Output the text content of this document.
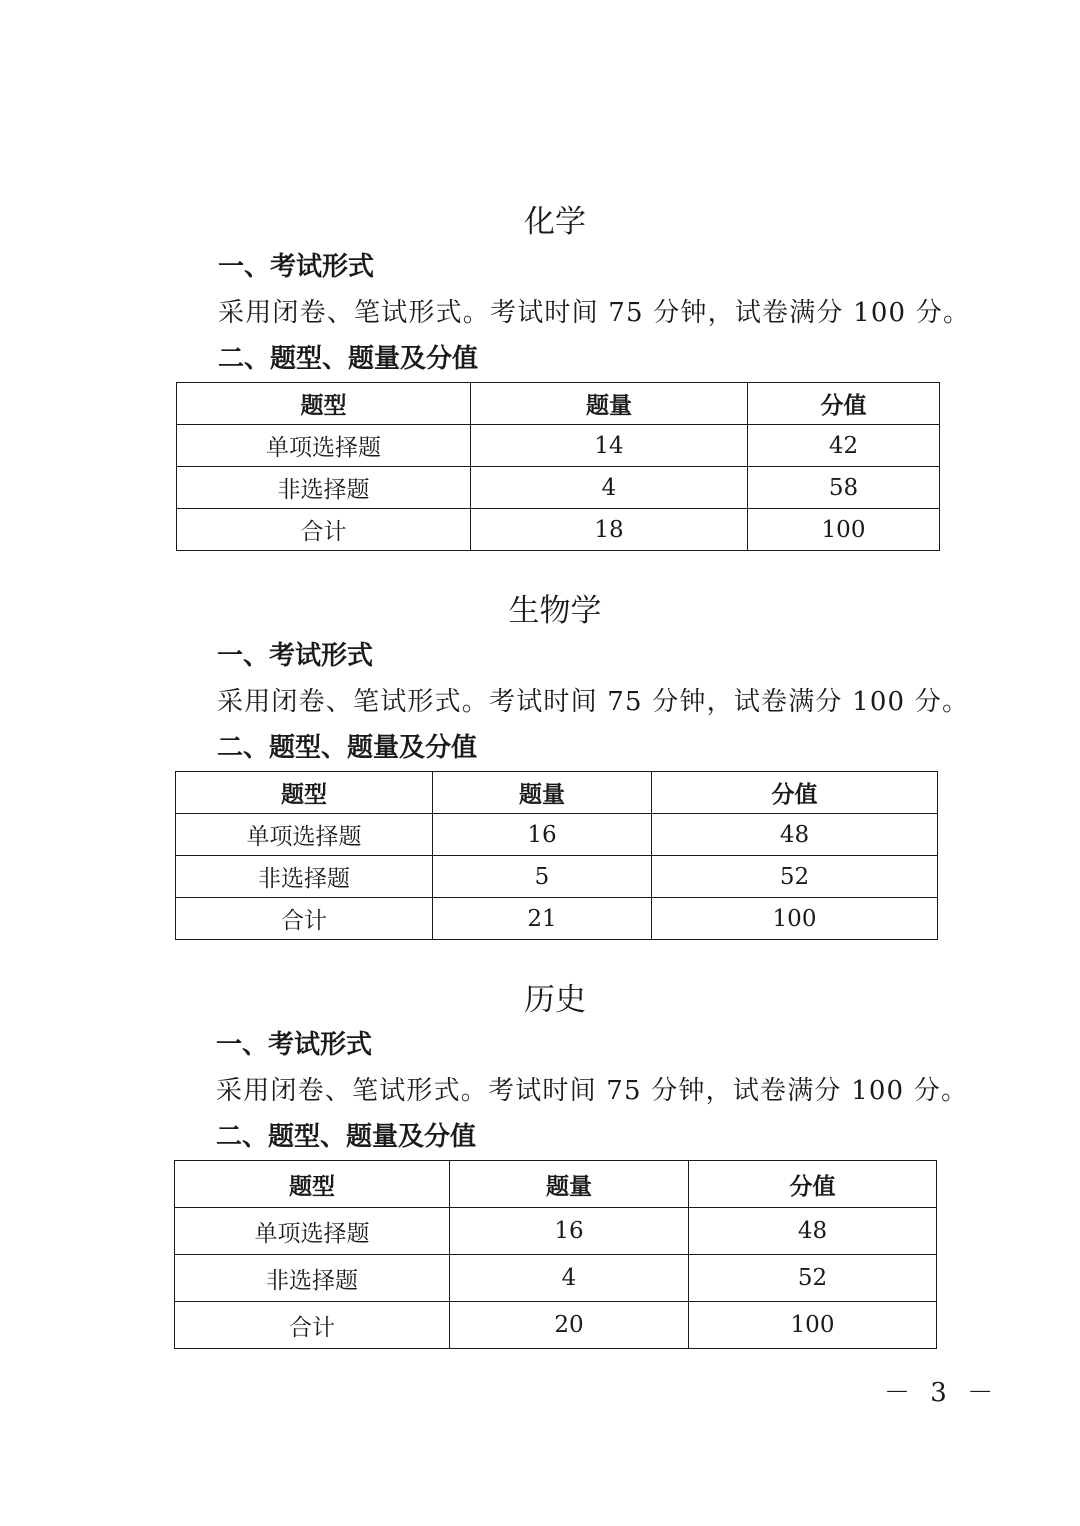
化学
一、考试形式
采用闭卷、笔试形式。考试时间 75 分钟，试卷满分 100 分。
二、题型、题量及分值
题型	题量	分值
单项选择题	14	42
非选择题	4	58
合计	18	100
生物学
一、考试形式
采用闭卷、笔试形式。考试时间 75 分钟，试卷满分 100 分。
二、题型、题量及分值
题型	题量	分值
单项选择题	16	48
非选择题	5	52
合计	21	100
历史
一、考试形式
采用闭卷、笔试形式。考试时间 75 分钟，试卷满分 100 分。
二、题型、题量及分值
题型	题量	分值
单项选择题	16	48
非选择题	4	52
合计	20	100
－ 3 －
